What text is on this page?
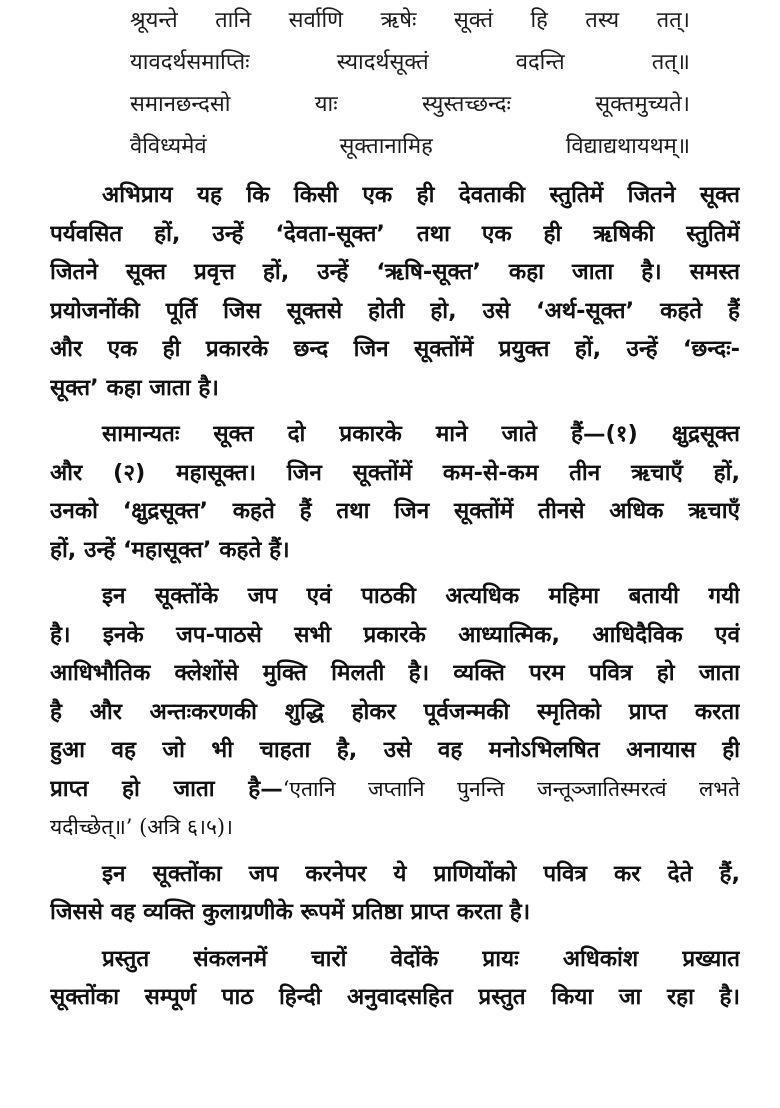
श्रूयन्ते तानि सर्वाणि ऋषेः सूक्तं हि तस्य तत्।
यावदर्थसमाप्तिः	स्यादर्थसूक्तं	वदन्ति	तत्॥
समानछन्दसो	याः	स्युस्तच्छन्दः	सूक्तमुच्यते।
वैविध्यमेवं	सूक्तानामिह	विद्याद्यथायथम्॥

अभिप्राय यह कि किसी एक ही देवताकी स्तुतिमें जितने सूक्त
पर्यवसित हों, उन्हें ‘देवता-सूक्त’ तथा एक ही ऋषिकी स्तुतिमें
जितने सूक्त प्रवृत्त हों, उन्हें ‘ऋषि-सूक्त’ कहा जाता है। समस्त
प्रयोजनोंकी पूर्ति जिस सूक्तसे होती हो, उसे ‘अर्थ-सूक्त’ कहते हैं
और एक ही प्रकारके छन्द जिन सूक्तोंमें प्रयुक्त हों, उन्हें ‘छन्दः-
सूक्त’ कहा जाता है।

सामान्यतः सूक्त दो प्रकारके माने जाते हैं—(१) क्षुद्रसूक्त
और (२) महासूक्त। जिन सूक्तोंमें कम-से-कम तीन ऋचाएँ हों,
उनको ‘क्षुद्रसूक्त’ कहते हैं तथा जिन सूक्तोंमें तीनसे अधिक ऋचाएँ
हों, उन्हें ‘महासूक्त’ कहते हैं।

इन सूक्तोंके जप एवं पाठकी अत्यधिक महिमा बतायी गयी
है। इनके जप-पाठसे सभी प्रकारके आध्यात्मिक, आधिदैविक एवं
आधिभौतिक क्लेशोंसे मुक्ति मिलती है। व्यक्ति परम पवित्र हो जाता
है और अन्तःकरणकी शुद्धि होकर पूर्वजन्मकी स्मृतिको प्राप्त करता
हुआ वह जो भी चाहता है, उसे वह मनोऽभिलषित अनायास ही
प्राप्त हो जाता है—‘एतानि जप्तानि पुनन्ति जन्तूञ्जातिस्मरत्वं लभते
यदीच्छेत्॥’ (अत्रि ६।५)।

इन सूक्तोंका जप करनेपर ये प्राणियोंको पवित्र कर देते हैं,
जिससे वह व्यक्ति कुलाग्रणीके रूपमें प्रतिष्ठा प्राप्त करता है।

प्रस्तुत संकलनमें चारों वेदोंके प्रायः अधिकांश प्रख्यात
सूक्तोंका सम्पूर्ण पाठ हिन्दी अनुवादसहित प्रस्तुत किया जा रहा है।
